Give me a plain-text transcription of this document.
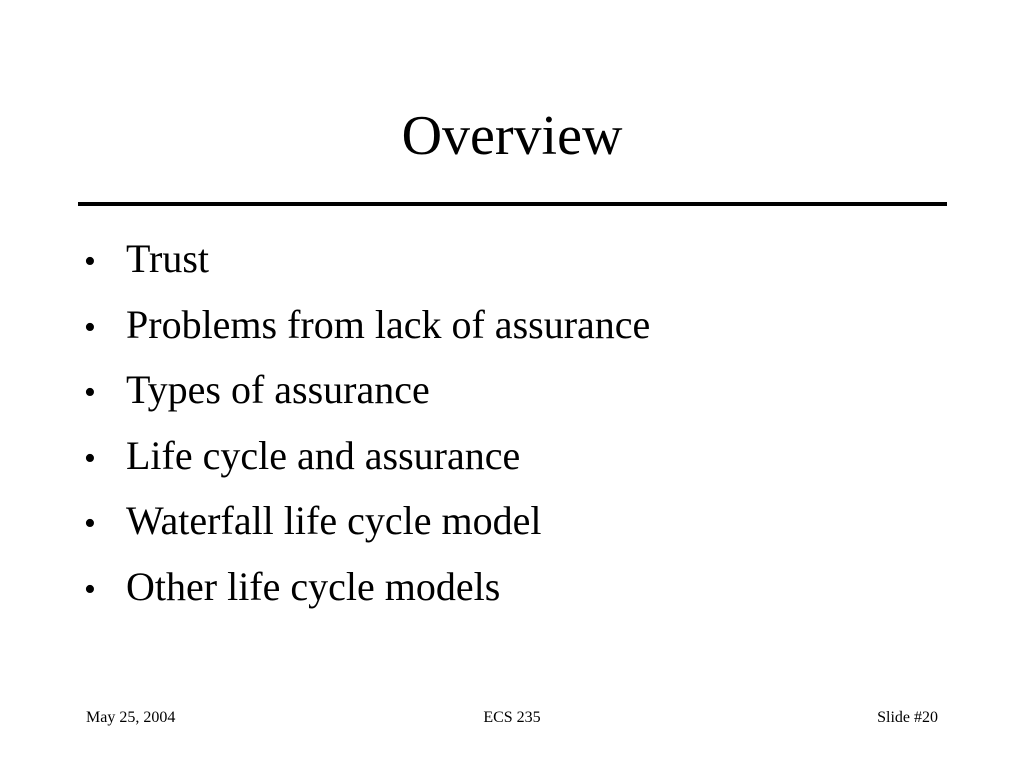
Overview
• Trust
• Problems from lack of assurance
• Types of assurance
• Life cycle and assurance
• Waterfall life cycle model
• Other life cycle models
May 25, 2004	ECS 235	Slide #20
